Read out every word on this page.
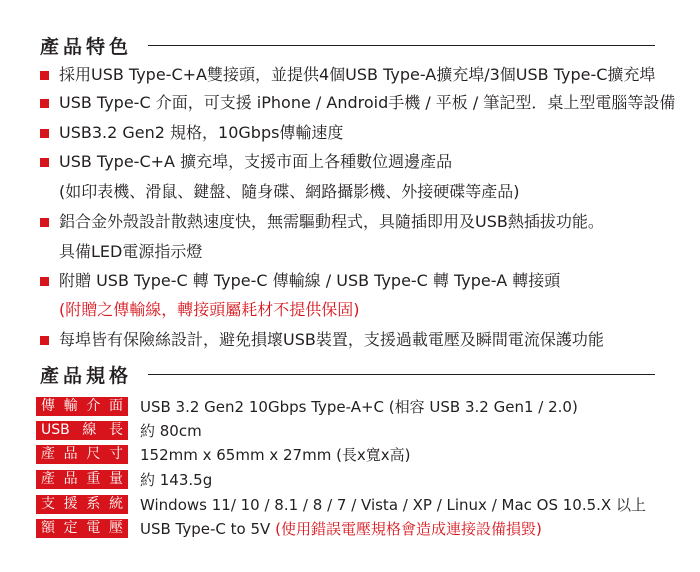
產品特色
採用USB Type-C+A雙接頭，並提供4個USB Type-A擴充埠/3個USB Type-C擴充埠
USB Type-C 介面，可支援 iPhone / Android手機 / 平板 / 筆記型．桌上型電腦等設備
USB3.2 Gen2 規格，10Gbps傳輸速度
USB Type-C+A 擴充埠，支援市面上各種數位週邊產品
(如印表機、滑鼠、鍵盤、隨身碟、網路攝影機、外接硬碟等產品)
鋁合金外殼設計散熱速度快，無需驅動程式，具隨插即用及USB熱插拔功能。
具備LED電源指示燈
附贈 USB Type-C 轉 Type-C 傳輸線 / USB Type-C 轉 Type-A 轉接頭
(附贈之傳輸線，轉接頭屬耗材不提供保固)
每埠皆有保險絲設計，避免損壞USB裝置，支援過載電壓及瞬間電流保護功能
產品規格
傳輸介面	USB 3.2 Gen2 10Gbps Type-A+C (相容 USB 3.2 Gen1 / 2.0)
USB線長	約 80cm
產品尺寸	152mm x 65mm x 27mm (長x寬x高)
產品重量	約 143.5g
支援系統	Windows 11/ 10 / 8.1 / 8 / 7 / Vista / XP / Linux / Mac OS 10.5.X 以上
額定電壓	USB Type-C to 5V (使用錯誤電壓規格會造成連接設備損毀)
